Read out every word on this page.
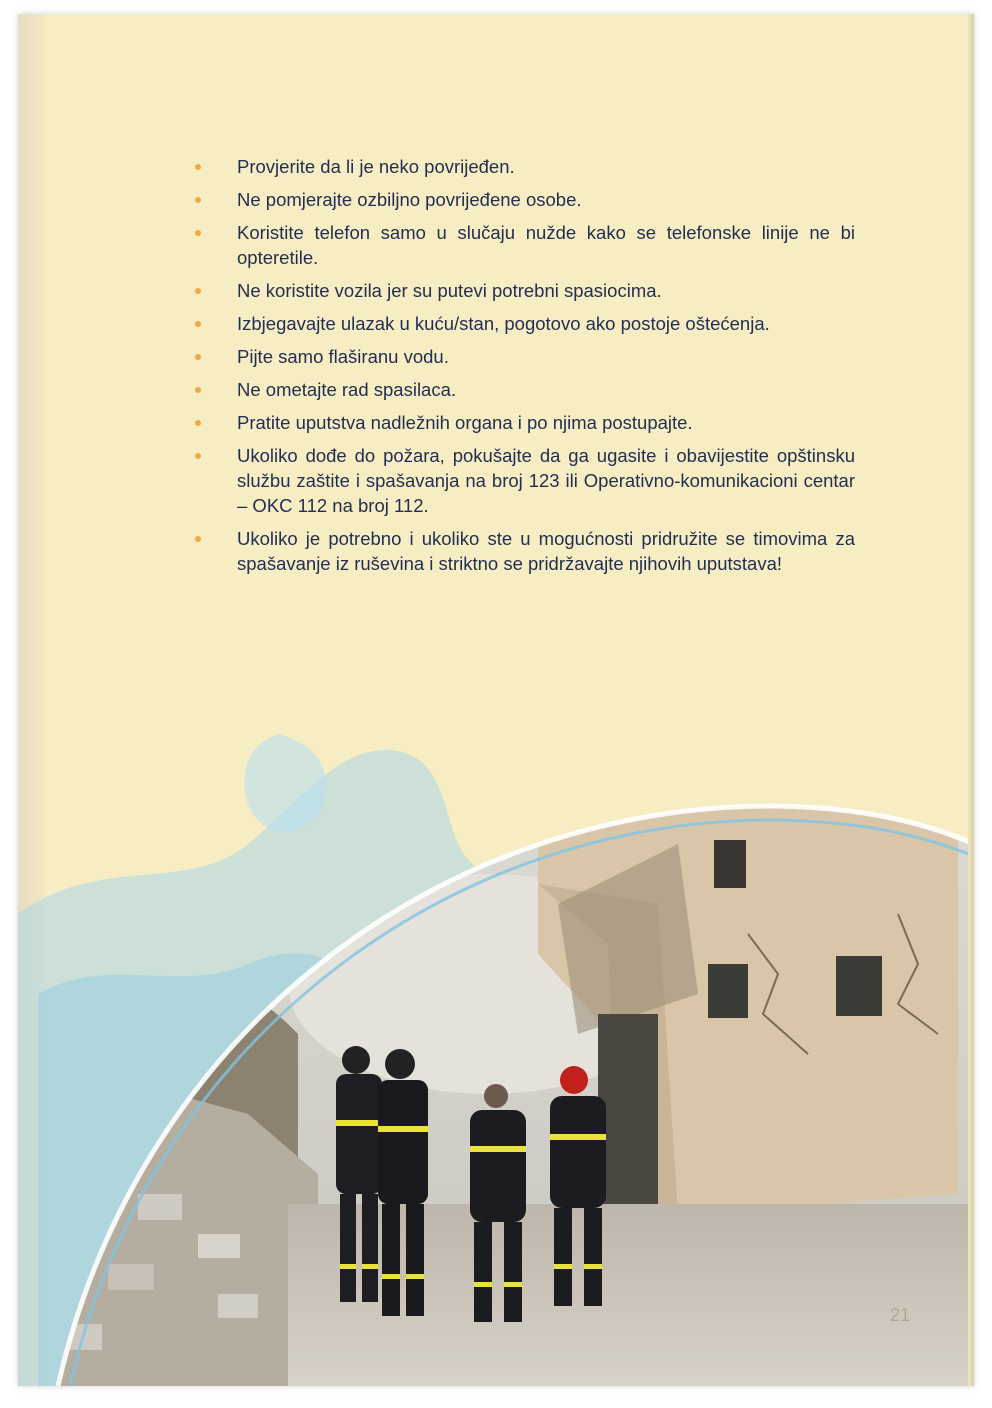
Provjerite da li je neko povrijeđen.
Ne pomjerajte ozbiljno povrijeđene osobe.
Koristite telefon samo u slučaju nužde kako se telefonske linije ne bi opteretile.
Ne koristite vozila jer su putevi potrebni spasiocima.
Izbjegavajte ulazak u kuću/stan, pogotovo ako postoje oštećenja.
Pijte samo flaširanu vodu.
Ne ometajte rad spasilaca.
Pratite uputstva nadležnih organa i po njima postupajte.
Ukoliko dođe do požara, pokušajte da ga ugasite i obavijestite opštinsku službu zaštite i spašavanja na broj 123 ili Operativno-komunikacioni centar – OKC 112 na broj 112.
Ukoliko je potrebno i ukoliko ste u mogućnosti pridružite se timovima za spašavanje iz ruševina i striktno se pridržavajte njihovih uputstava!
21
